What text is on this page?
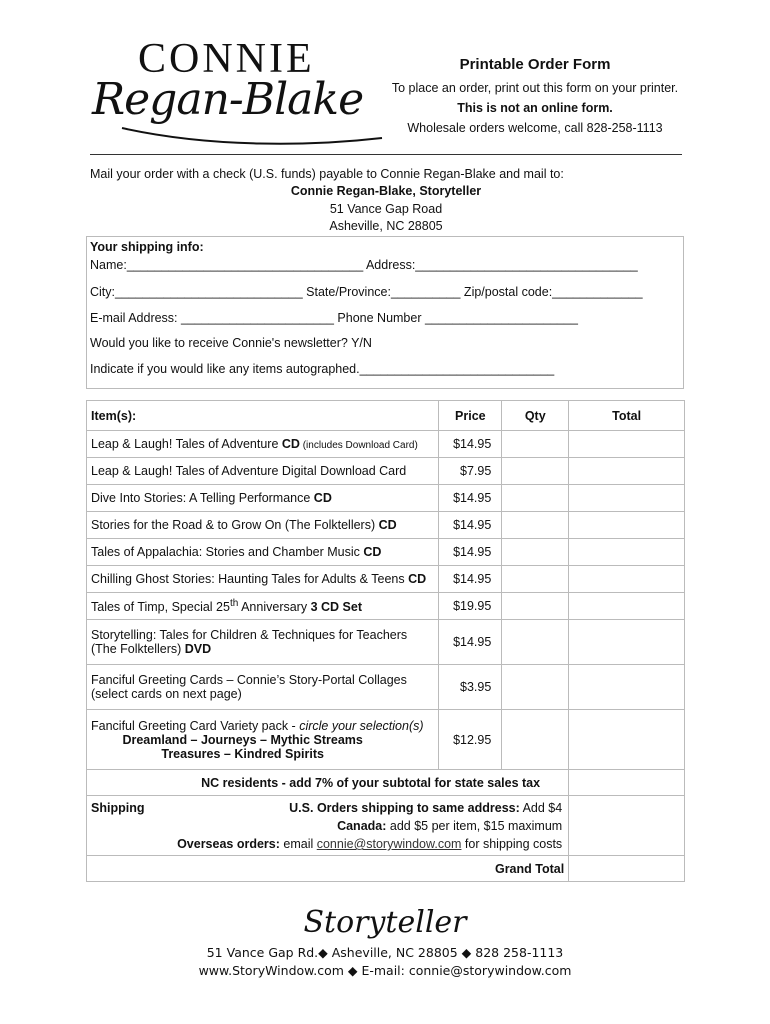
CONNIE
Regan-Blake
Printable Order Form
To place an order, print out this form on your printer.
This is not an online form.
Wholesale orders welcome, call 828-258-1113
Mail your order with a check (U.S. funds) payable to Connie Regan-Blake and mail to:
Connie Regan-Blake, Storyteller
51 Vance Gap Road
Asheville, NC 28805
Your shipping info:
Name:__________________________________ Address:________________________________
City:___________________________ State/Province:__________ Zip/postal code:_____________
E-mail Address: ______________________ Phone Number ______________________
Would you like to receive Connie's newsletter? Y/N
Indicate if you would like any items autographed.____________________________
Item(s):	Price	Qty	Total
Leap & Laugh! Tales of Adventure CD (includes Download Card)	$14.95		
Leap & Laugh! Tales of Adventure Digital Download Card	$7.95		
Dive Into Stories: A Telling Performance CD	$14.95		
Stories for the Road & to Grow On (The Folktellers) CD	$14.95		
Tales of Appalachia: Stories and Chamber Music CD	$14.95		
Chilling Ghost Stories: Haunting Tales for Adults & Teens CD	$14.95		
Tales of Timp, Special 25th Anniversary 3 CD Set	$19.95		
Storytelling: Tales for Children & Techniques for Teachers
(The Folktellers) DVD	$14.95		
Fanciful Greeting Cards – Connie’s Story-Portal Collages
(select cards on next page)	$3.95		
Fanciful Greeting Card Variety pack - circle your selection(s)

Dreamland – Journeys – Mythic Streams
Treasures – Kindred Spirits	$12.95		
NC residents - add 7% of your subtotal for state sales tax			

Shipping U.S. Orders shipping to same address: Add $4
Canada: add $5 per item, $15 maximum
Overseas orders: email connie@storywindow.com for shipping costs			

Grand Total			
Storyteller
51 Vance Gap Rd.◆ Asheville, NC 28805 ◆ 828 258-1113
www.StoryWindow.com ◆ E-mail: connie@storywindow.com
